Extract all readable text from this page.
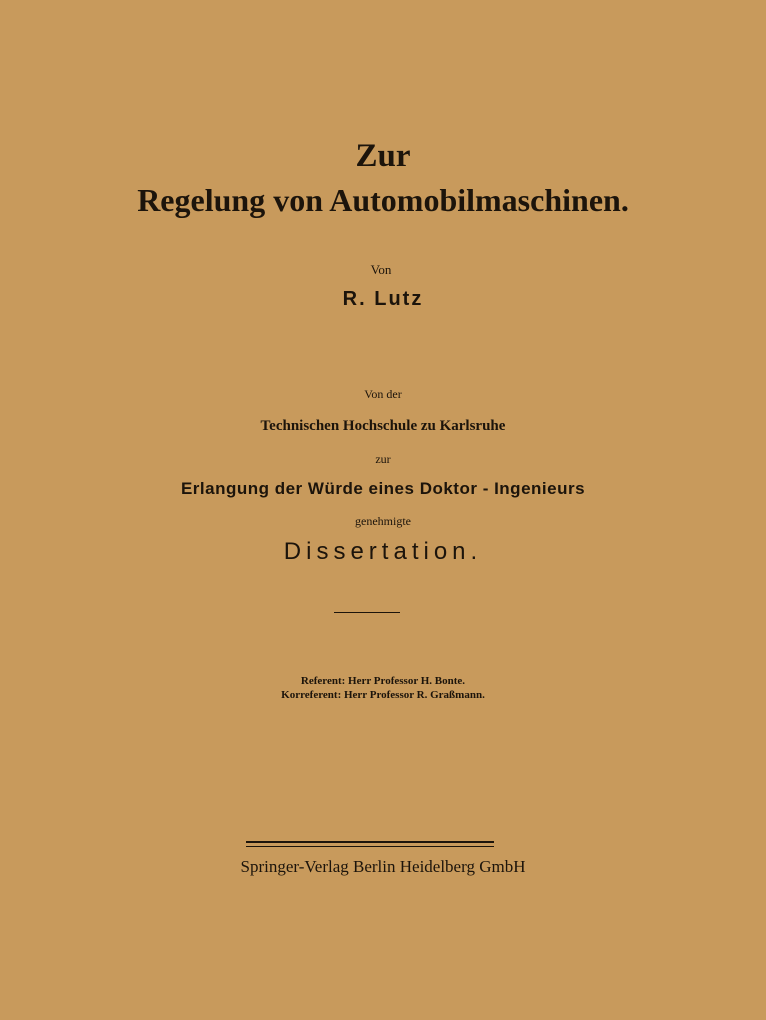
Zur
Regelung von Automobilmaschinen.
Von
R. Lutz
Von der
Technischen Hochschule zu Karlsruhe
zur
Erlangung der Würde eines Doktor - Ingenieurs
genehmigte
Dissertation.
Referent: Herr Professor H. Bonte.
Korreferent: Herr Professor R. Graßmann.
Springer-Verlag Berlin Heidelberg GmbH
